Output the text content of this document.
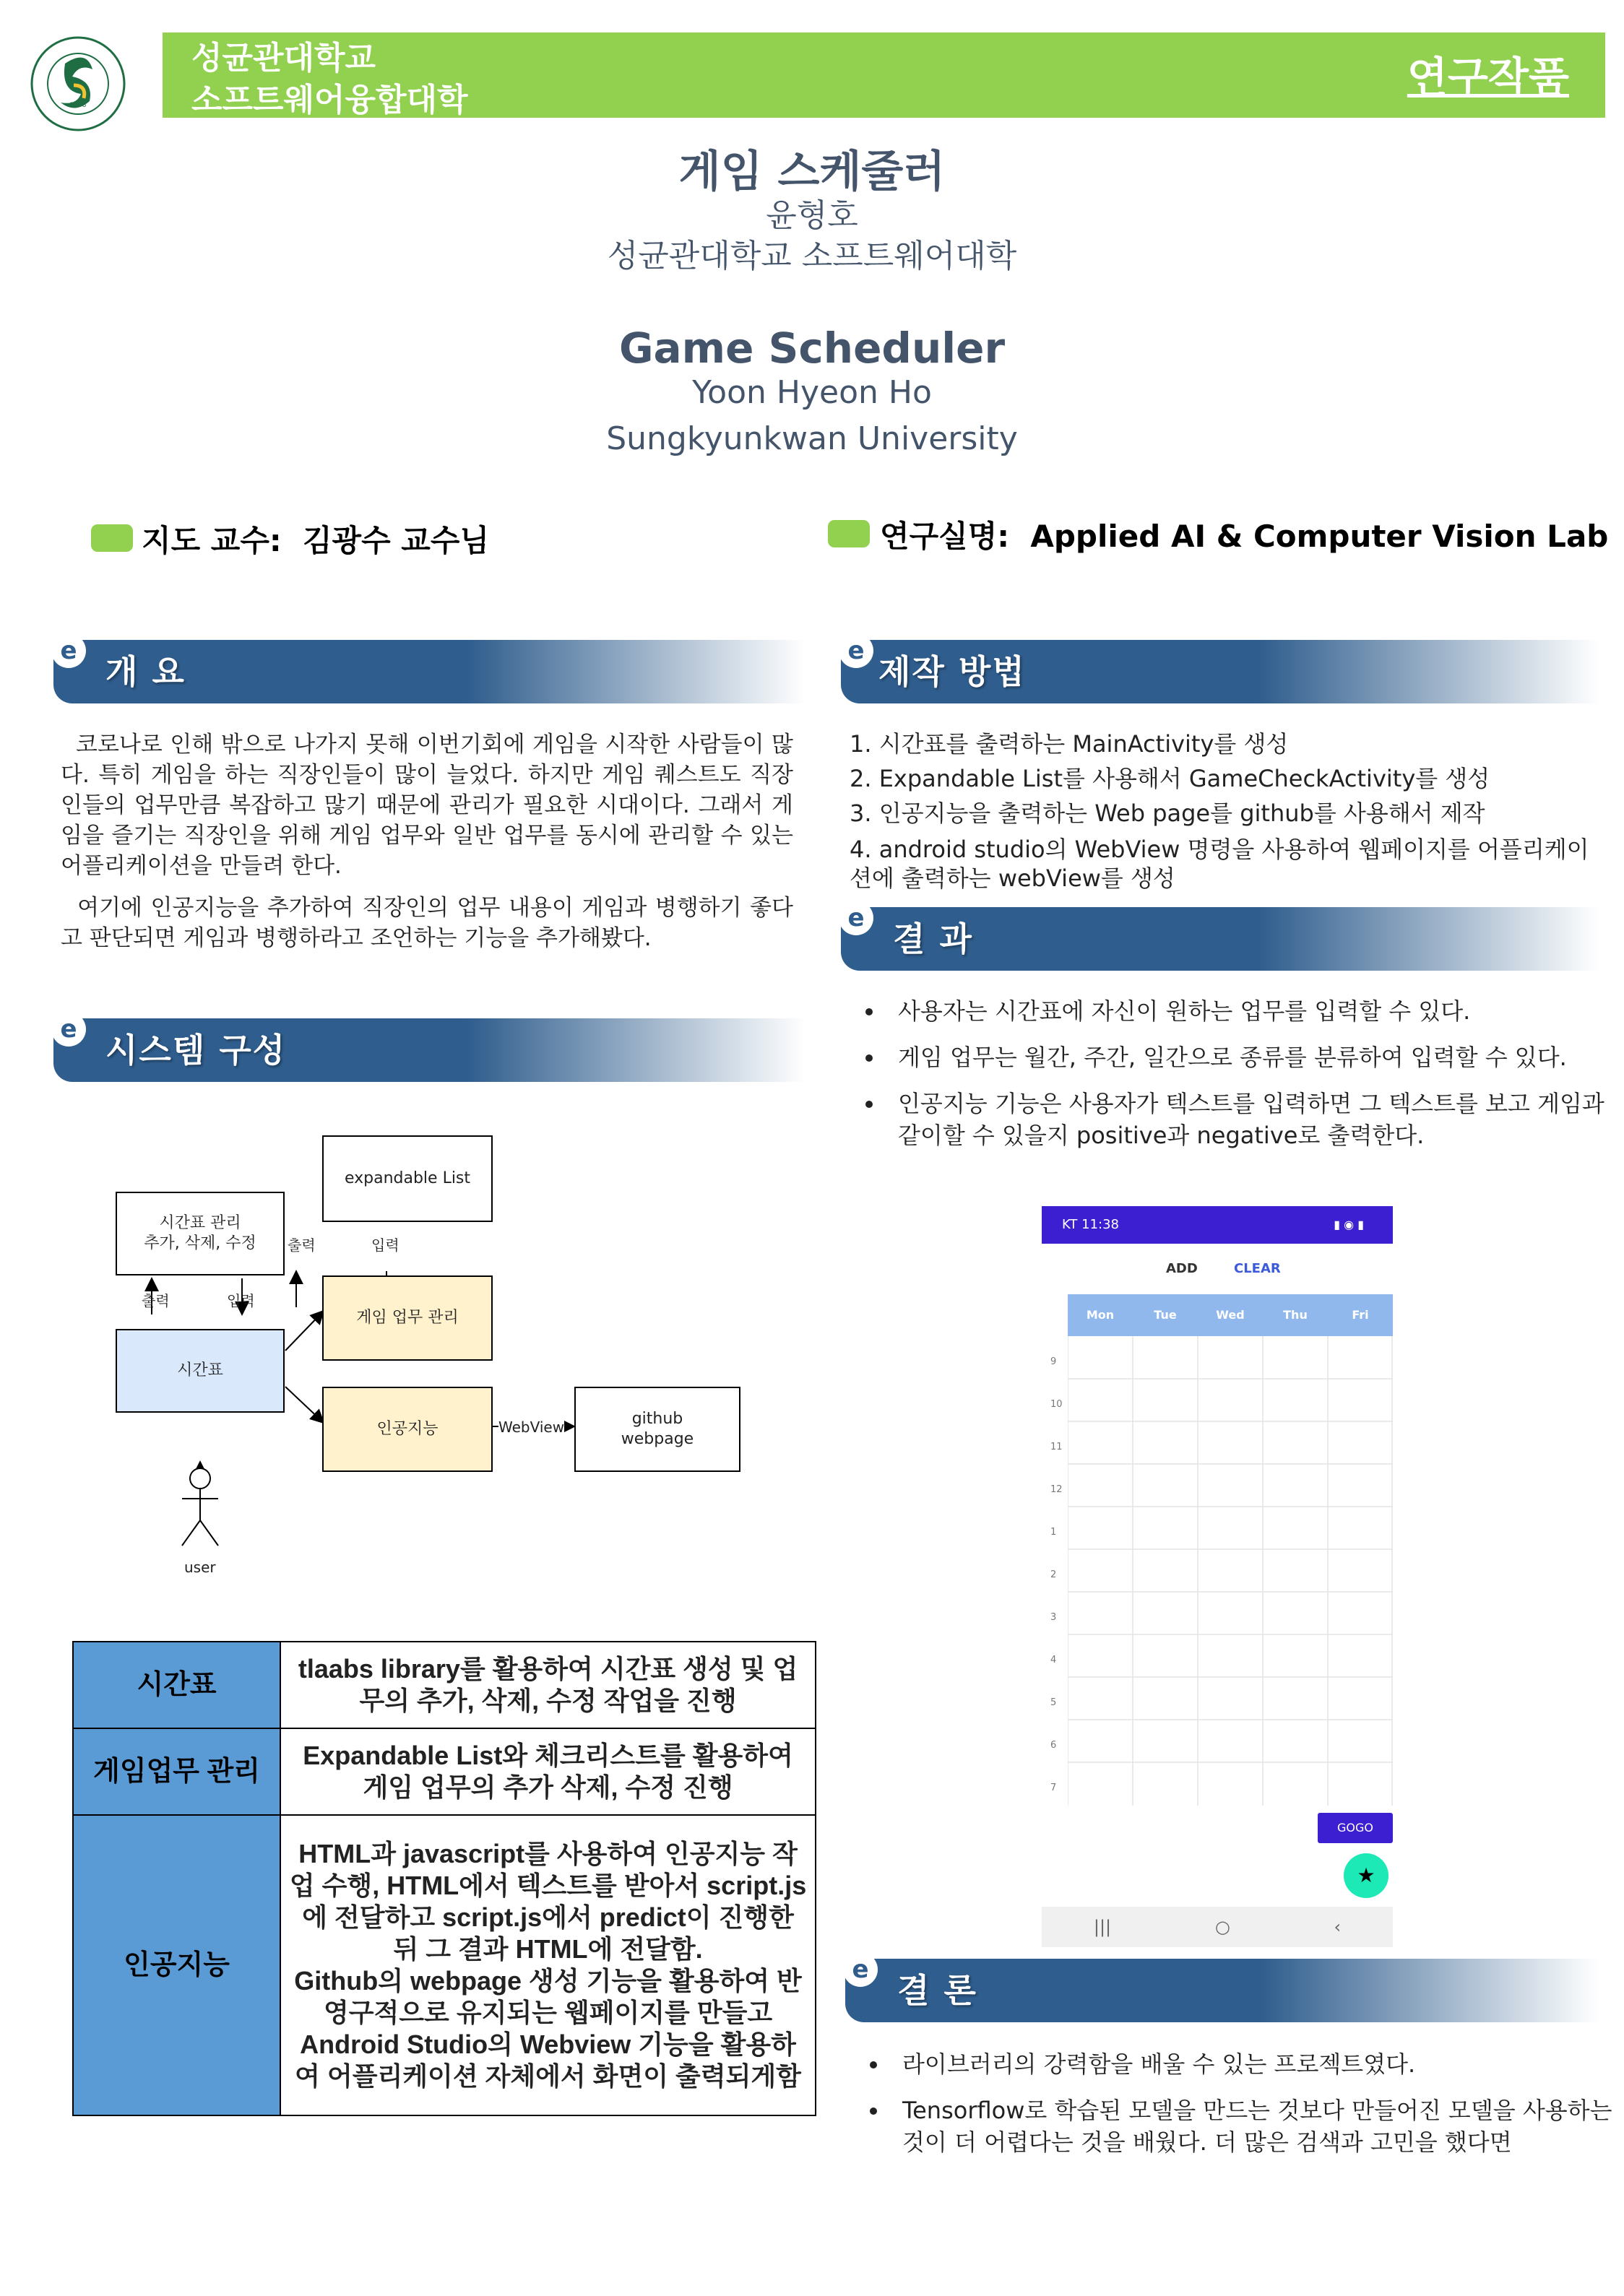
1398
성균관대학교
소프트웨어융합대학	연구작품
게임 스케줄러
윤형호
성균관대학교 소프트웨어대학
Game Scheduler
Yoon Hyeon Ho
Sungkyunkwan University
지도 교수: 김광수 교수님	연구실명: Applied AI & Computer Vision Lab
e
개 요

코로나로 인해 밖으로 나가지 못해 이번기회에 게임을 시작한 사람들이 많다. 특히 게임을 하는 직장인들이 많이 늘었다. 하지만 게임 퀘스트도 직장인들의 업무만큼 복잡하고 많기 때문에 관리가 필요한 시대이다. 그래서 게임을 즐기는 직장인을 위해 게임 업무와 일반 업무를 동시에 관리할 수 있는 어플리케이션을 만들려 한다.

여기에 인공지능을 추가하여 직장인의 업무 내용이 게임과 병행하기 좋다고 판단되면 게임과 병행하라고 조언하는 기능을 추가해봤다.

e
시스템 구성
시간표 관리
추가, 삭제, 수정
출력	입력
시간표
expandable List
출력	입력
게임 업무 관리
인공지능	WebView	github
webpage
user
시간표	tlaabs library를 활용하여 시간표 생성 및 업무의 추가, 삭제, 수정 작업을 진행
게임업무 관리	Expandable List와 체크리스트를 활용하여 게임 업무의 추가 삭제, 수정 진행
인공지능	HTML과 javascript를 사용하여 인공지능 작업 수행, HTML에서 텍스트를 받아서 script.js에 전달하고 script.js에서 predict이 진행한 뒤 그 결과 HTML에 전달함.
Github의 webpage 생성 기능을 활용하여 반영구적으로 유지되는 웹페이지를 만들고 Android Studio의 Webview 기능을 활용하여 어플리케이션 자체에서 화면이 출력되게함
e
제작 방법
1. 시간표를 출력하는 MainActivity를 생성
2. Expandable List를 사용해서 GameCheckActivity를 생성
3. 인공지능을 출력하는 Web page를 github를 사용해서 제작
4. android studio의 WebView 명령을 사용하여 웹페이지를 어플리케이션에 출력하는 webView를 생성
e
결 과
• 사용자는 시간표에 자신이 원하는 업무를 입력할 수 있다.
• 게임 업무는 월간, 주간, 일간으로 종류를 분류하여 입력할 수 있다.
• 인공지능 기능은 사용자가 텍스트를 입력하면 그 텍스트를 보고 게임과 같이할 수 있을지 positive과 negative로 출력한다.
KT 11:38	▮ ◉ ▮
ADD	CLEAR
Mon	Tue	Wed	Thu	Fri
9
10
11
12
1
2
3
4
5
6
7
GOGO
★
|||	○	‹
e
결 론
• 라이브러리의 강력함을 배울 수 있는 프로젝트였다.
• Tensorflow로 학습된 모델을 만드는 것보다 만들어진 모델을 사용하는 것이 더 어렵다는 것을 배웠다. 더 많은 검색과 고민을 했다면
